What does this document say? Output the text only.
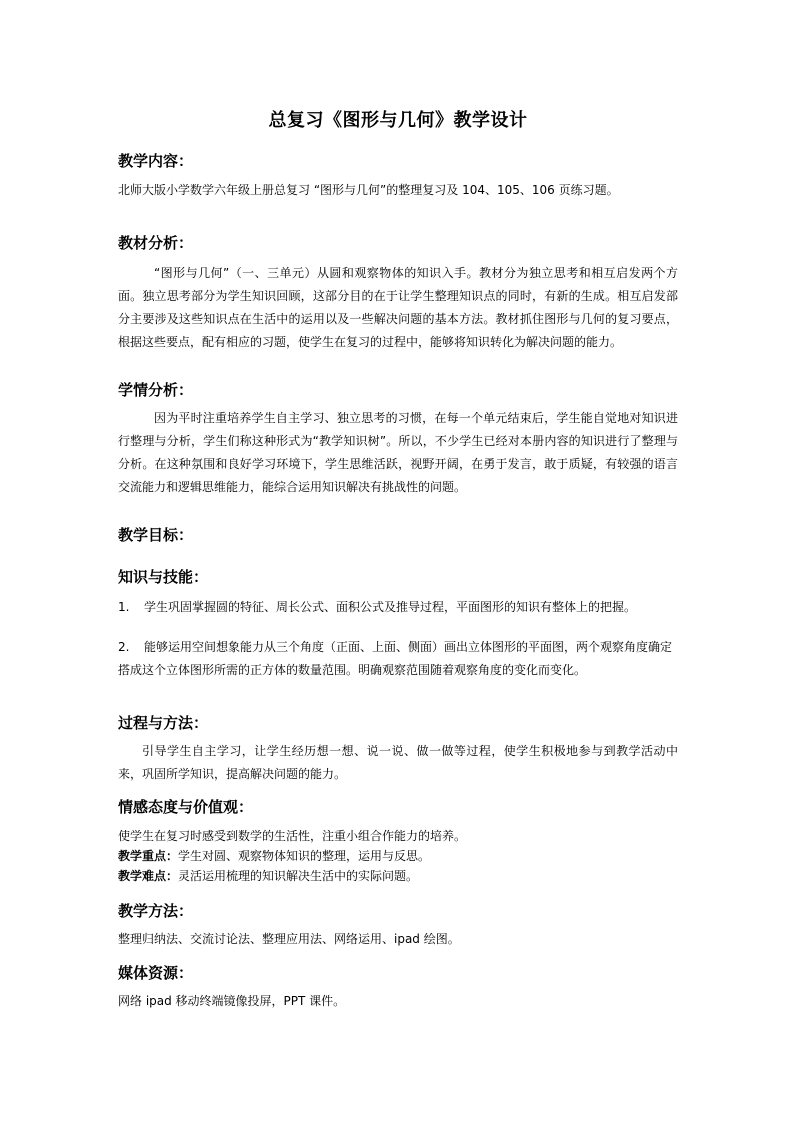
总复习《图形与几何》教学设计
教学内容：
北师大版小学数学六年级上册总复习 “图形与几何”的整理复习及 104、105、106 页练习题。
教材分析：
“图形与几何”（一、三单元）从圆和观察物体的知识入手。教材分为独立思考和相互启发两个方面。独立思考部分为学生知识回顾，这部分目的在于让学生整理知识点的同时，有新的生成。相互启发部分主要涉及这些知识点在生活中的运用以及一些解决问题的基本方法。教材抓住图形与几何的复习要点，根据这些要点，配有相应的习题，使学生在复习的过程中，能够将知识转化为解决问题的能力。
学情分析：
因为平时注重培养学生自主学习、独立思考的习惯，在每一个单元结束后，学生能自觉地对知识进行整理与分析，学生们称这种形式为“教学知识树”。所以，不少学生已经对本册内容的知识进行了整理与分析。在这种氛围和良好学习环境下，学生思维活跃，视野开阔，在勇于发言，敢于质疑，有较强的语言交流能力和逻辑思维能力，能综合运用知识解决有挑战性的问题。
教学目标：
知识与技能：
1. 学生巩固掌握圆的特征、周长公式、面积公式及推导过程，平面图形的知识有整体上的把握。
2. 能够运用空间想象能力从三个角度（正面、上面、侧面）画出立体图形的平面图，两个观察角度确定搭成这个立体图形所需的正方体的数量范围。明确观察范围随着观察角度的变化而变化。
过程与方法：
引导学生自主学习，让学生经历想一想、说一说、做一做等过程，使学生积极地参与到教学活动中来，巩固所学知识，提高解决问题的能力。
情感态度与价值观：
使学生在复习时感受到数学的生活性，注重小组合作能力的培养。
教学重点：学生对圆、观察物体知识的整理，运用与反思。
教学难点：灵活运用梳理的知识解决生活中的实际问题。
教学方法：
整理归纳法、交流讨论法、整理应用法、网络运用、ipad 绘图。
媒体资源：
网络 ipad 移动终端镜像投屏，PPT 课件。
